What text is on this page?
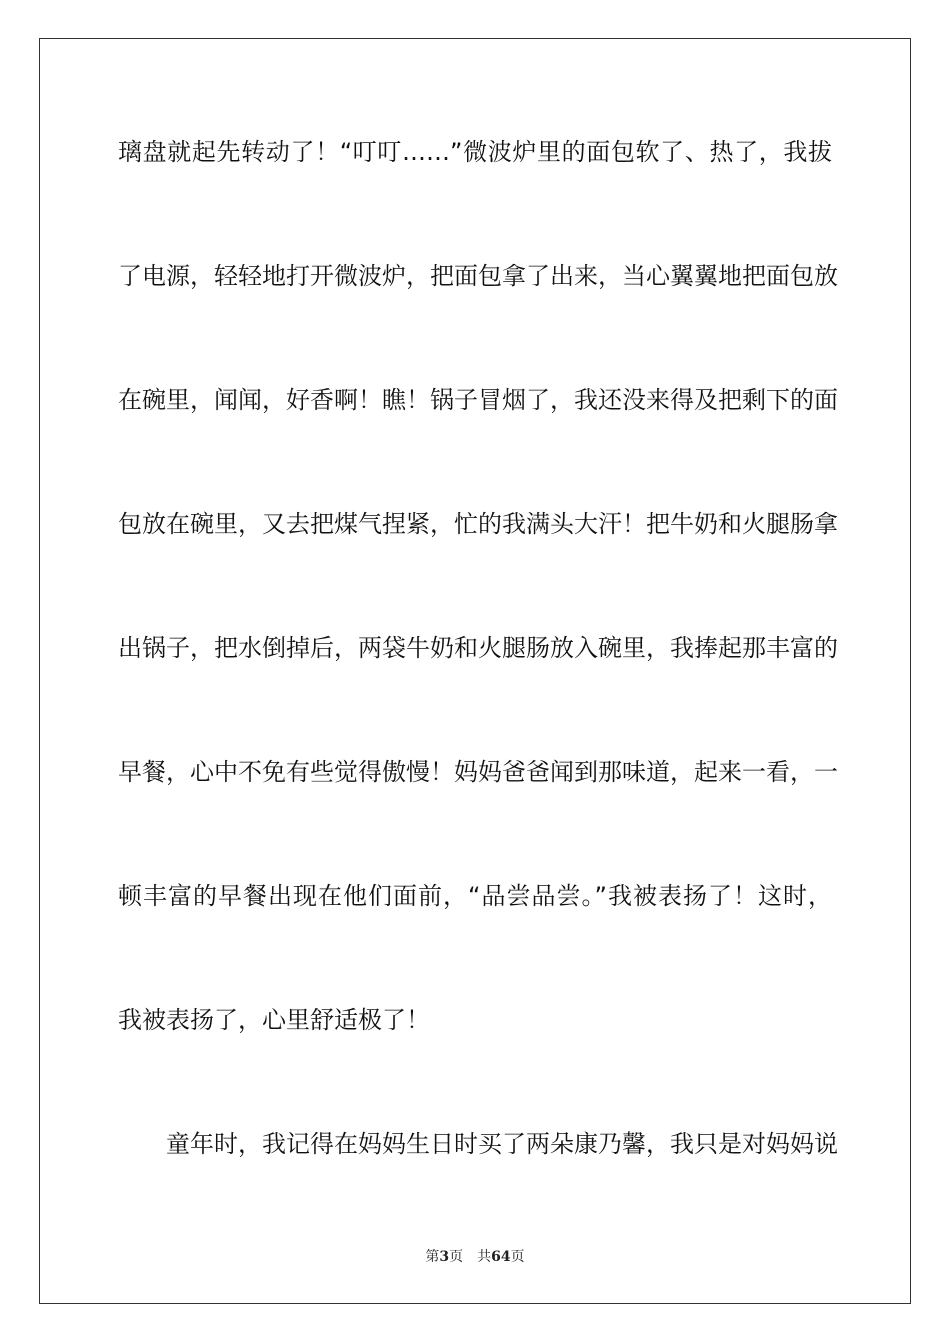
璃盘就起先转动了！“叮叮……”微波炉里的面包软了、热了，我拔
了电源，轻轻地打开微波炉，把面包拿了出来，当心翼翼地把面包放
在碗里，闻闻，好香啊！瞧！锅子冒烟了，我还没来得及把剩下的面
包放在碗里，又去把煤气捏紧，忙的我满头大汗！把牛奶和火腿肠拿
出锅子，把水倒掉后，两袋牛奶和火腿肠放入碗里，我捧起那丰富的
早餐，心中不免有些觉得傲慢！妈妈爸爸闻到那味道，起来一看，一
顿丰富的早餐出现在他们面前，“品尝品尝。”我被表扬了！这时，
我被表扬了，心里舒适极了！
童年时，我记得在妈妈生日时买了两朵康乃馨，我只是对妈妈说
第3页 共64页
